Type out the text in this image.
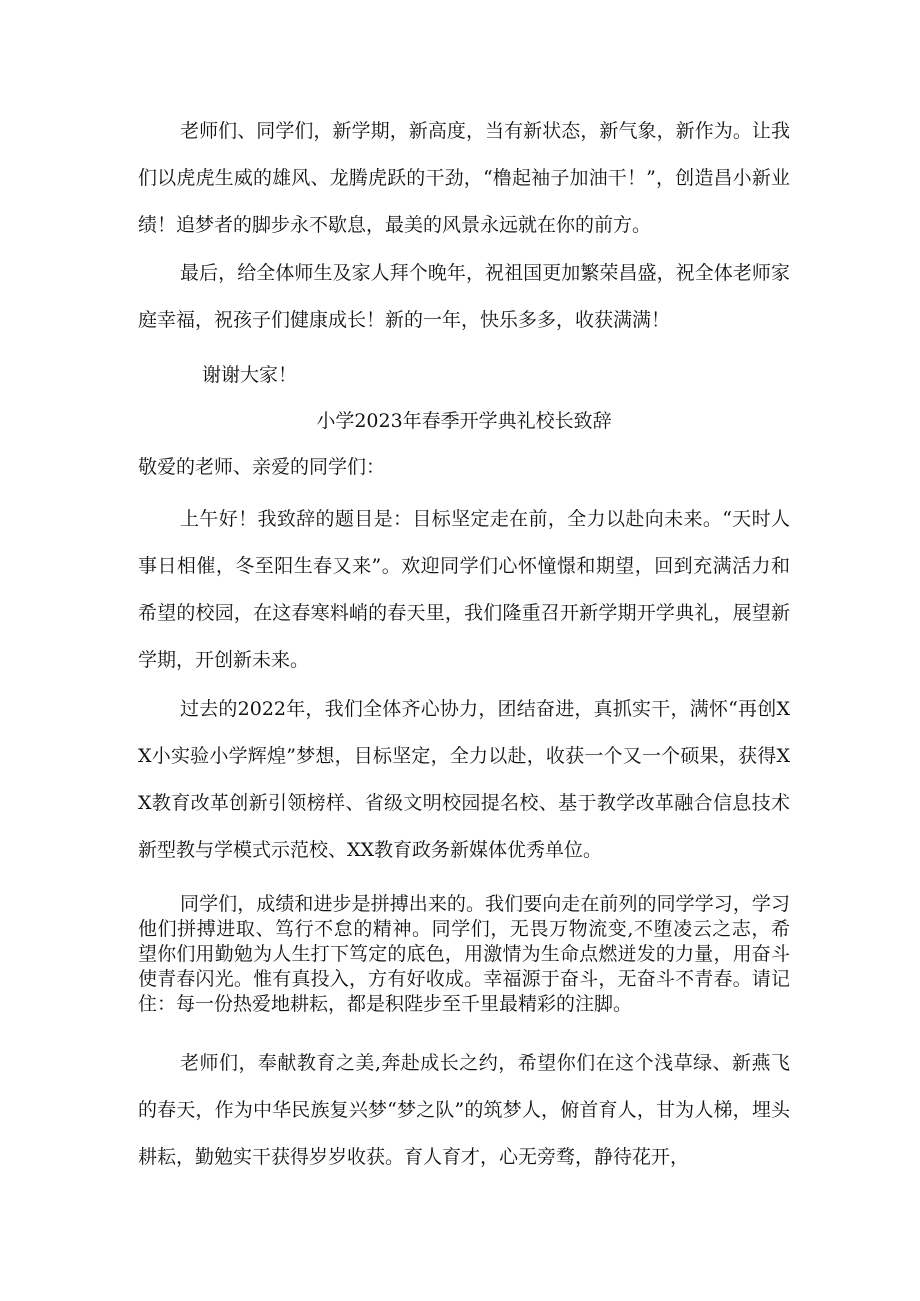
老师们、同学们，新学期，新高度，当有新状态，新气象，新作为。让我们以虎虎生威的雄风、龙腾虎跃的干劲，“橹起袖子加油干！”，创造昌小新业绩！追梦者的脚步永不歇息，最美的风景永远就在你的前方。

最后，给全体师生及家人拜个晚年，祝祖国更加繁荣昌盛，祝全体老师家庭幸福，祝孩子们健康成长！新的一年，快乐多多，收获满满！

谢谢大家！

小学2023年春季开学典礼校长致辞

敬爱的老师、亲爱的同学们：

上午好！我致辞的题目是：目标坚定走在前，全力以赴向未来。“天时人事日相催，冬至阳生春又来”。欢迎同学们心怀憧憬和期望，回到充满活力和希望的校园，在这春寒料峭的春天里，我们隆重召开新学期开学典礼，展望新学期，开创新未来。

过去的2022年，我们全体齐心协力，团结奋进，真抓实干，满怀“再创XX小实验小学辉煌”梦想，目标坚定，全力以赴，收获一个又一个硕果，获得XX教育改革创新引领榜样、省级文明校园提名校、基于教学改革融合信息技术新型教与学模式示范校、XX教育政务新媒体优秀单位。

同学们，成绩和进步是拼搏出来的。我们要向走在前列的同学学习，学习他们拼搏进取、笃行不怠的精神。同学们，无畏万物流变,不堕凌云之志，希望你们用勤勉为人生打下笃定的底色，用激情为生命点燃迸发的力量，用奋斗使青春闪光。惟有真投入，方有好收成。幸福源于奋斗，无奋斗不青春。请记住：每一份热爱地耕耘，都是积陛步至千里最精彩的注脚。

老师们，奉献教育之美,奔赴成长之约，希望你们在这个浅草绿、新燕飞的春天，作为中华民族复兴梦“梦之队”的筑梦人，俯首育人，甘为人梯，埋头耕耘，勤勉实干获得岁岁收获。育人育才，心无旁骛，静待花开，
